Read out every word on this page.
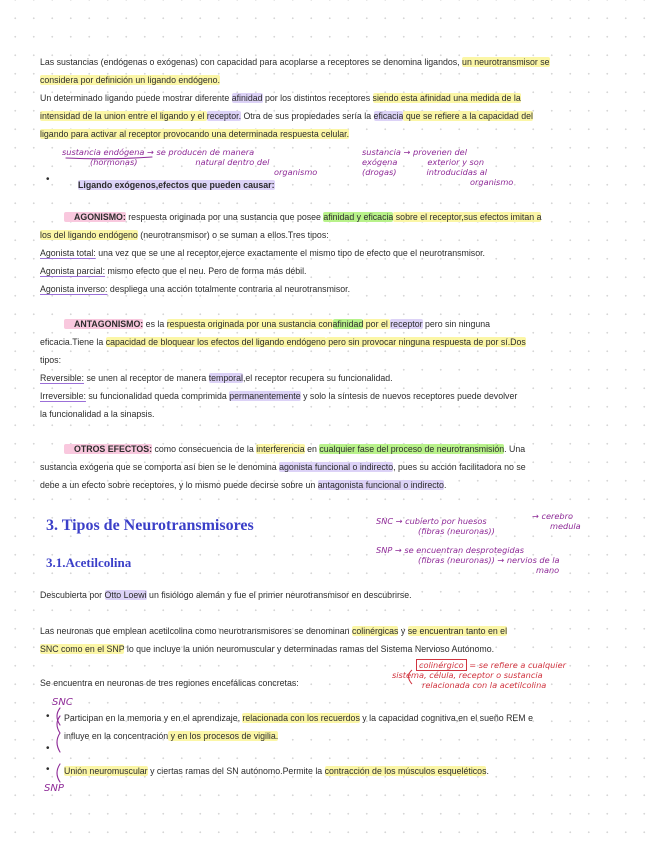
Las sustancias (endógenas o exógenas) con capacidad para acoplarse a receptores se denomina ligandos, un neurotransmisor se
considera por definición un ligando endógeno.
Un determinado ligando puede mostrar diferente afinidad por los distintos receptores siendo esta afinidad una medida de la
intensidad de la union entre el ligando y el receptor. Otra de sus propiedades sería la eficacia que se refiere a la capacidad del
ligando para activar al receptor provocando una determinada respuesta celular.
sustancia endógena → se producen de manera
(hormonas)	natural dentro del
organismo
sustancia → provenen del
exógena	exterior y son
(drogas)	introducidas al
organismo
•	Ligando exógenos,efectos que pueden causar:
AGONISMO: respuesta originada por una sustancia que posee afinidad y eficacia sobre el receptor,sus efectos imitan a
los del ligando endógeno (neurotransmisor) o se suman a ellos.Tres tipos:
Agonista total: una vez que se une al receptor,ejerce exactamente el mismo tipo de efecto que el neurotransmisor.
Agonista parcial: mismo efecto que el neu. Pero de forma más débil.
Agonista inverso: despliega una acción totalmente contraria al neurotransmisor.
ANTAGONISMO: es la respuesta originada por una sustancia conafinidad por el receptor pero sin ninguna
eficacia.Tiene la capacidad de bloquear los efectos del ligando endógeno pero sin provocar ninguna respuesta de por sí.Dos
tipos:
Reversible: se unen al receptor de manera temporal,el receptor recupera su funcionalidad.
Irreversible: su funcionalidad queda comprimida permanentemente y solo la síntesis de nuevos receptores puede devolver
la funcionalidad a la sinapsis.
OTROS EFECTOS: como consecuencia de la interferencia en cualquier fase del proceso de neurotransmisión. Una
sustancia exógena que se comporta así bien se le denomina agonista funcional o indirecto, pues su acción facilitadora no se
debe a un efecto sobre receptores, y lo mismo puede decirse sobre un antagonista funcional o indirecto.
3. Tipos de Neurotransmisores
3.1.Acetilcolina
SNC → cubierto por huesos
(fibras (neuronas))
→ cerebro
medula
SNP → se encuentran desprotegidas
(fibras (neuronas)) → nervios de la
mano
Descubierta por Otto Loewi un fisiólogo alemán y fue el primer neurotransmisor en descubrirse.
Las neuronas que emplean acetilcolina como neurotransmisores se denominan colinérgicas y se encuentran tanto en el
SNC como en el SNP lo que incluye la unión neuromuscular y determinadas ramas del Sistema Nervioso Autónomo.
colinérgico = se refiere a cualquier
sistema, célula, receptor o sustancia
relacionada con la acetilcolina
Se encuentra en neuronas de tres regiones encefálicas concretas:
SNC
• Participan en la memoria y en el aprendizaje, relacionada con los recuerdos y la capacidad cognitiva,en el sueño REM e
influye en la concentración y en los procesos de vigilia.
•
• Unión neuromuscular y ciertas ramas del SN autónomo.Permite la contracción de los músculos esqueléticos.
SNP
